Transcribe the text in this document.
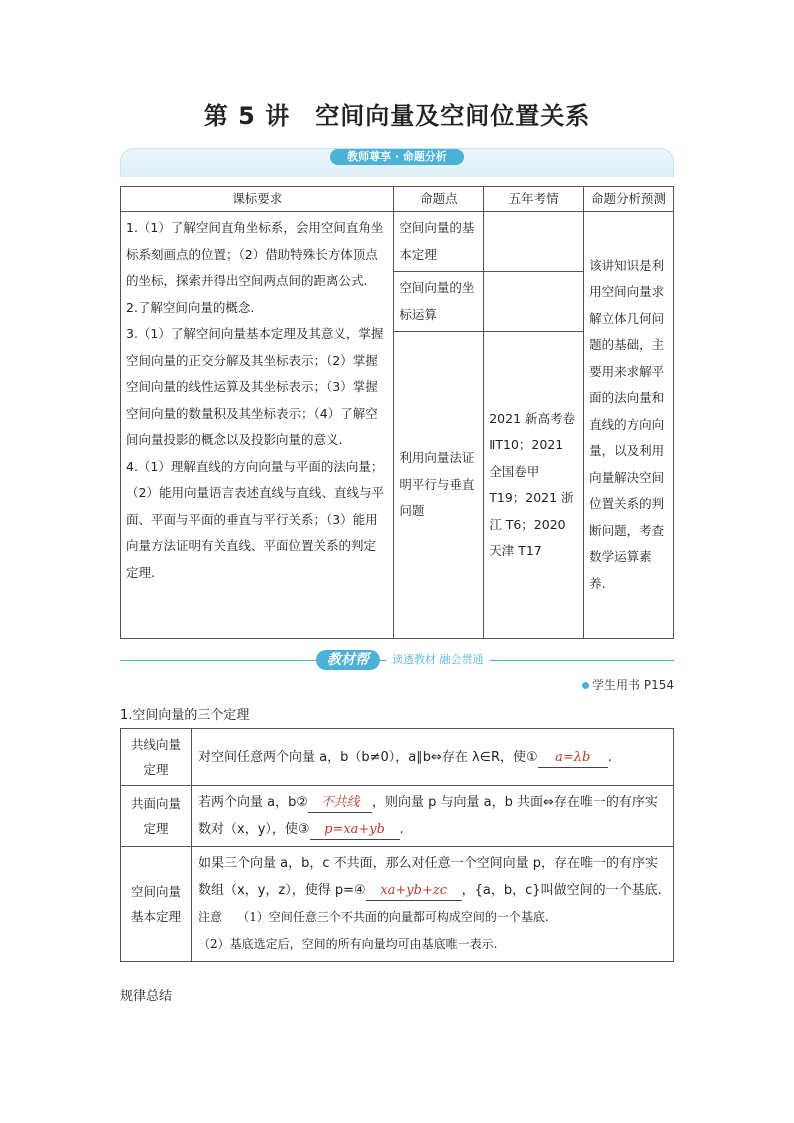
第 5 讲　空间向量及空间位置关系
教师尊享 · 命题分析
课标要求	命题点	五年考情	命题分析预测

1.（1）了解空间直角坐标系，会用空间直角坐标系刻画点的位置；（2）借助特殊长方体顶点的坐标，探索并得出空间两点间的距离公式.
2.了解空间向量的概念.
3.（1）了解空间向量基本定理及其意义，掌握空间向量的正交分解及其坐标表示；（2）掌握空间向量的线性运算及其坐标表示；（3）掌握空间向量的数量积及其坐标表示；（4）了解空间向量投影的概念以及投影向量的意义.
4.（1）理解直线的方向向量与平面的法向量；（2）能用向量语言表述直线与直线、直线与平面、平面与平面的垂直与平行关系；（3）能用向量方法证明有关直线、平面位置关系的判定定理.	空间向量的基本定理		该讲知识是利用空间向量求解立体几何问题的基础，主要用来求解平面的法向量和直线的方向向量，以及利用向量解决空间位置关系的判断问题，考查数学运算素养.
	空间向量的坐标运算		
	利用向量法证明平行与垂直问题	2021 新高考卷ⅡT10；2021 全国卷甲 T19；2021 浙江 T6；2020 天津 T17	
教材帮	读透教材 融会贯通
学生用书 P154
1.空间向量的三个定理
共线向量定理	对空间任意两个向量 a，b（b≠0），a∥b⇔存在 λ∈R，使① a=λb .
共面向量定理	若两个向量 a，b② 不共线 ，则向量 p 与向量 a，b 共面⇔存在唯一的有序实数对（x，y），使③ p=xa+yb .
空间向量基本定理	如果三个向量 a，b，c 不共面，那么对任意一个空间向量 p，存在唯一的有序实数组（x，y，z），使得 p=④ xa+yb+zc ，{a，b，c}叫做空间的一个基底.
注意 （1）空间任意三个不共面的向量都可构成空间的一个基底.
（2）基底选定后，空间的所有向量均可由基底唯一表示.
规律总结
